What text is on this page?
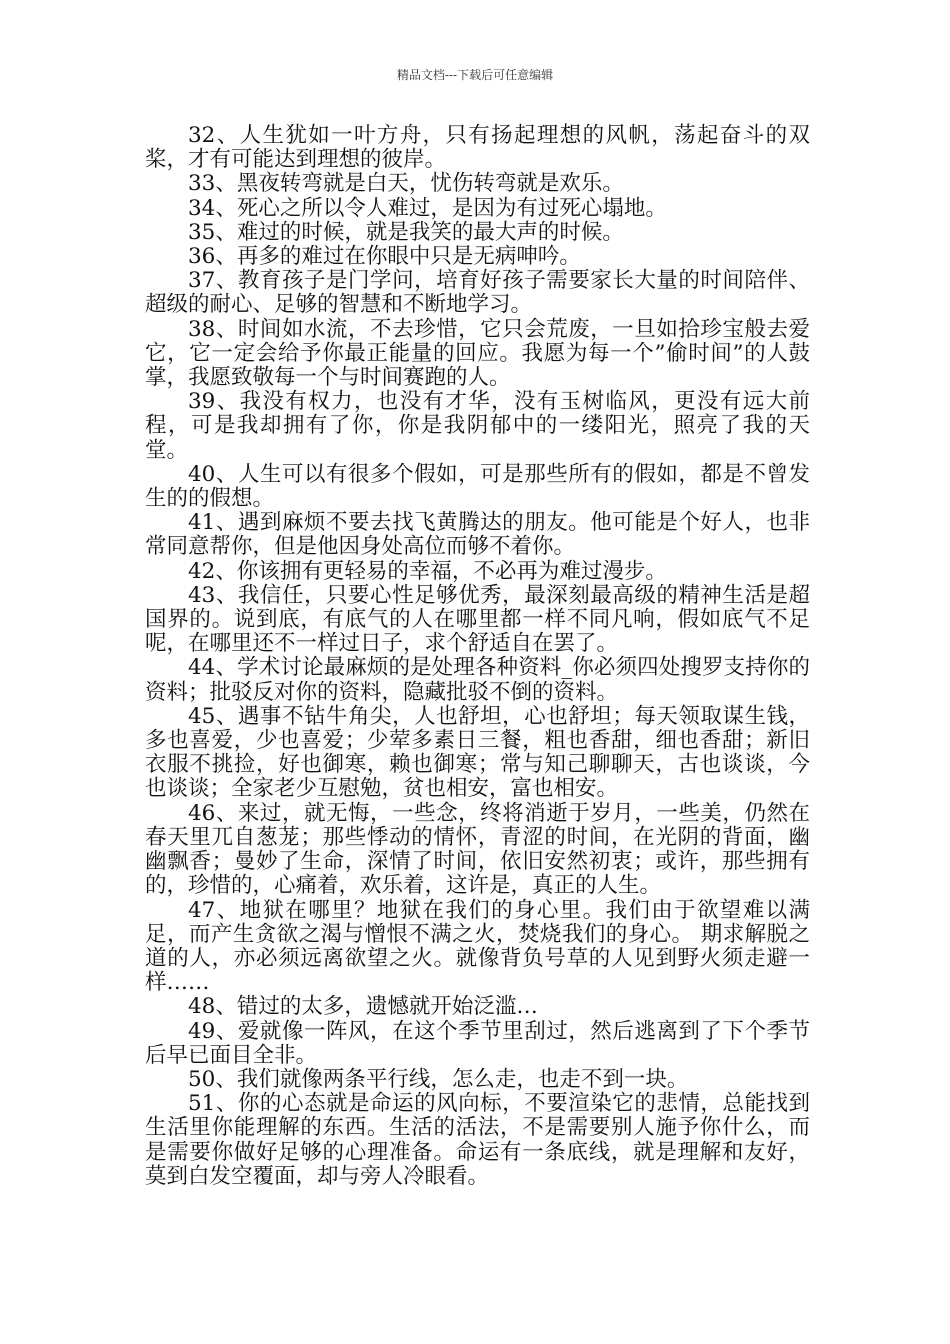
精品文档---下载后可任意编辑

32、人生犹如一叶方舟，只有扬起理想的风帆，荡起奋斗的双桨，才有可能达到理想的彼岸。

33、黑夜转弯就是白天，忧伤转弯就是欢乐。

34、死心之所以令人难过，是因为有过死心塌地。

35、难过的时候，就是我笑的最大声的时候。

36、再多的难过在你眼中只是无病呻吟。

37、教育孩子是门学问，培育好孩子需要家长大量的时间陪伴、超级的耐心、足够的智慧和不断地学习。

38、时间如水流，不去珍惜，它只会荒废，一旦如拾珍宝般去爱它，它一定会给予你最正能量的回应。我愿为每一个”偷时间”的人鼓掌，我愿致敬每一个与时间赛跑的人。

39、我没有权力，也没有才华，没有玉树临风，更没有远大前程，可是我却拥有了你，你是我阴郁中的一缕阳光，照亮了我的天堂。

40、人生可以有很多个假如，可是那些所有的假如，都是不曾发生的的假想。

41、遇到麻烦不要去找飞黄腾达的朋友。他可能是个好人，也非常同意帮你，但是他因身处高位而够不着你。

42、你该拥有更轻易的幸福，不必再为难过漫步。

43、我信任，只要心性足够优秀，最深刻最高级的精神生活是超国界的。说到底，有底气的人在哪里都一样不同凡响，假如底气不足呢，在哪里还不一样过日子，求个舒适自在罢了。

44、学术讨论最麻烦的是处理各种资料_你必须四处搜罗支持你的资料；批驳反对你的资料，隐藏批驳不倒的资料。

45、遇事不钻牛角尖，人也舒坦，心也舒坦；每天领取谋生钱，多也喜爱，少也喜爱；少荤多素日三餐，粗也香甜，细也香甜；新旧衣服不挑捡，好也御寒，赖也御寒；常与知己聊聊天，古也谈谈，今也谈谈；全家老少互慰勉，贫也相安，富也相安。

46、来过，就无悔，一些念，终将消逝于岁月，一些美，仍然在春天里兀自葱茏；那些悸动的情怀，青涩的时间，在光阴的背面，幽幽飘香；曼妙了生命，深情了时间，依旧安然初衷；或许，那些拥有的，珍惜的，心痛着，欢乐着，这许是，真正的人生。

47、地狱在哪里？地狱在我们的身心里。我们由于欲望难以满足，而产生贪欲之渴与憎恨不满之火，焚烧我们的身心。 期求解脱之道的人，亦必须远离欲望之火。就像背负号草的人见到野火须走避一样……

48、错过的太多，遗憾就开始泛滥…

49、爱就像一阵风，在这个季节里刮过，然后逃离到了下个季节后早已面目全非。

50、我们就像两条平行线，怎么走，也走不到一块。

51、你的心态就是命运的风向标，不要渲染它的悲情，总能找到生活里你能理解的东西。生活的活法，不是需要别人施予你什么，而是需要你做好足够的心理准备。命运有一条底线，就是理解和友好，莫到白发空覆面，却与旁人冷眼看。
